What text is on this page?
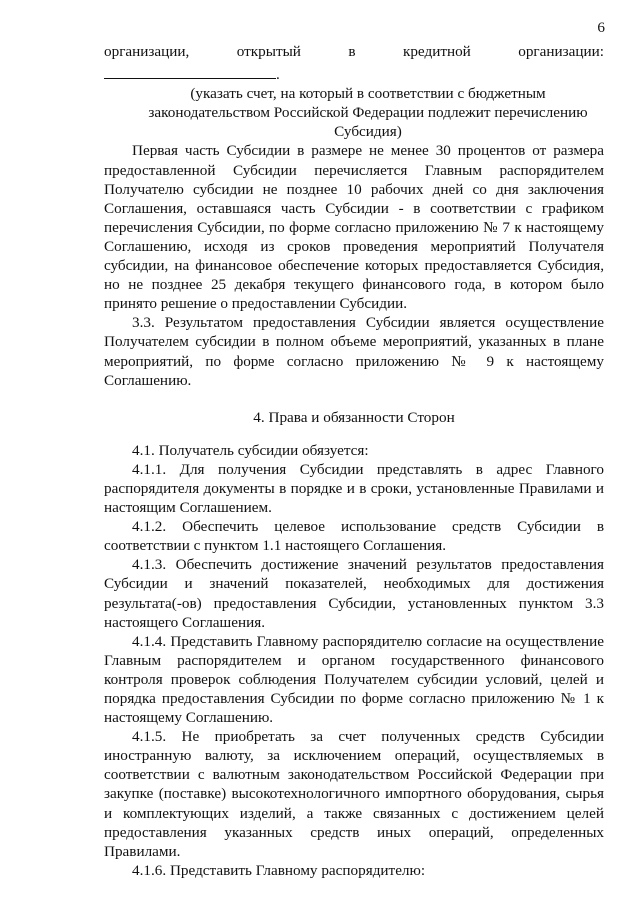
6

организации, открытый в кредитной организации:

.

(указать счет, на который в соответствии с бюджетным законодательством Российской Федерации подлежит перечислению Субсидия)

Первая часть Субсидии в размере не менее 30 процентов от размера предоставленной Субсидии перечисляется Главным распорядителем Получателю субсидии не позднее 10 рабочих дней со дня заключения Соглашения, оставшаяся часть Субсидии - в соответствии с графиком перечисления Субсидии, по форме согласно приложению № 7 к настоящему Соглашению, исходя из сроков проведения мероприятий Получателя субсидии, на финансовое обеспечение которых предоставляется Субсидия, но не позднее 25 декабря текущего финансового года, в котором было принято решение о предоставлении Субсидии.

3.3. Результатом предоставления Субсидии является осуществление Получателем субсидии в полном объеме мероприятий, указанных в плане мероприятий, по форме согласно приложению № 9 к настоящему Соглашению.

4. Права и обязанности Сторон

4.1. Получатель субсидии обязуется:

4.1.1. Для получения Субсидии представлять в адрес Главного распорядителя документы в порядке и в сроки, установленные Правилами и настоящим Соглашением.

4.1.2. Обеспечить целевое использование средств Субсидии в соответствии с пунктом 1.1 настоящего Соглашения.

4.1.3. Обеспечить достижение значений результатов предоставления Субсидии и значений показателей, необходимых для достижения результата(-ов) предоставления Субсидии, установленных пунктом 3.3 настоящего Соглашения.

4.1.4. Представить Главному распорядителю согласие на осуществление Главным распорядителем и органом государственного финансового контроля проверок соблюдения Получателем субсидии условий, целей и порядка предоставления Субсидии по форме согласно приложению № 1 к настоящему Соглашению.

4.1.5. Не приобретать за счет полученных средств Субсидии иностранную валюту, за исключением операций, осуществляемых в соответствии с валютным законодательством Российской Федерации при закупке (поставке) высокотехнологичного импортного оборудования, сырья и комплектующих изделий, а также связанных с достижением целей предоставления указанных средств иных операций, определенных Правилами.

4.1.6. Представить Главному распорядителю:
